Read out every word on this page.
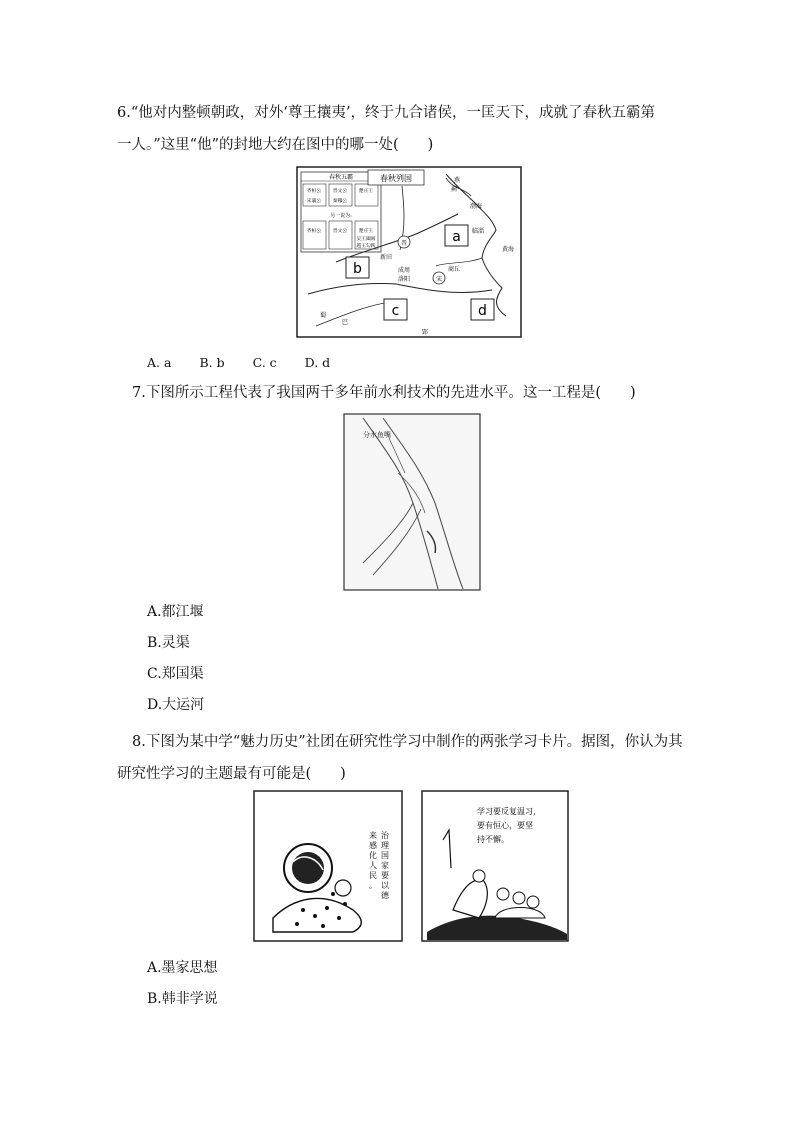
6.“他对内整顿朝政，对外‘尊王攘夷’，终于九合诸侯，一匡天下，成就了春秋五霸第
一人。”这里“他”的封地大约在图中的哪一处(　　)
春秋五霸
齐桓公 晋文公 楚庄王
宋襄公 秦穆公
另一说为:
齐桓公 晋文公 楚庄王
吴王阖闾
越王勾践
春秋列国
a
b
c	d
燕
蓟
渤海
临淄
黄海
晋
新田
宋
商丘
成周
洛阳
蜀
巴
郢
A. a B. b C. c D. d
7.下图所示工程代表了我国两千多年前水利技术的先进水平。这一工程是(　　)
分水鱼嘴
A.都江堰
B.灵渠
C.郑国渠
D.大运河
8.下图为某中学“魅力历史”社团在研究性学习中制作的两张学习卡片。据图，你认为其
研究性学习的主题最有可能是(　　)
治
理
国
家
要
以
德
来
感
化
人
民
。
学习要反复温习， 要有恒心，要坚 持不懈。
A.墨家思想
B.韩非学说
